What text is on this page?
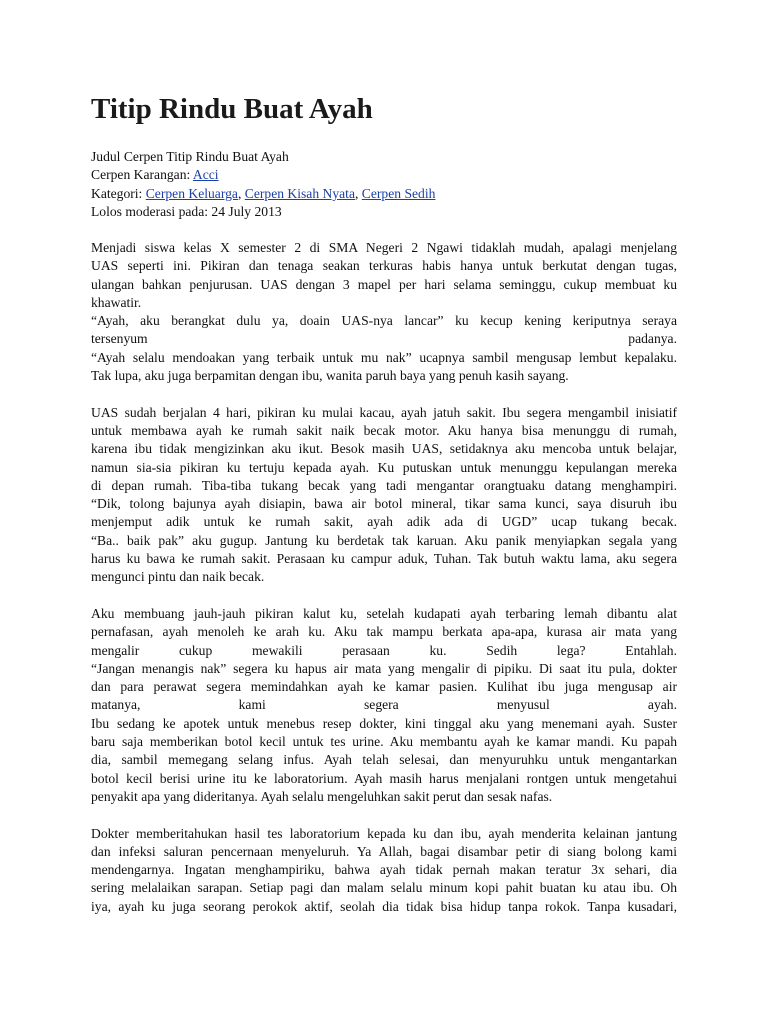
Titip Rindu Buat Ayah
Judul Cerpen Titip Rindu Buat Ayah
Cerpen Karangan: Acci
Kategori: Cerpen Keluarga, Cerpen Kisah Nyata, Cerpen Sedih
Lolos moderasi pada: 24 July 2013

Menjadi siswa kelas X semester 2 di SMA Negeri 2 Ngawi tidaklah mudah, apalagi menjelang
UAS seperti ini. Pikiran dan tenaga seakan terkuras habis hanya untuk berkutat dengan tugas,
ulangan bahkan penjurusan. UAS dengan 3 mapel per hari selama seminggu, cukup membuat ku
khawatir.
“Ayah, aku berangkat dulu ya, doain UAS-nya lancar” ku kecup kening keriputnya seraya
tersenyum padanya.
“Ayah selalu mendoakan yang terbaik untuk mu nak” ucapnya sambil mengusap lembut kepalaku.
Tak lupa, aku juga berpamitan dengan ibu, wanita paruh baya yang penuh kasih sayang.

UAS sudah berjalan 4 hari, pikiran ku mulai kacau, ayah jatuh sakit. Ibu segera mengambil inisiatif
untuk membawa ayah ke rumah sakit naik becak motor. Aku hanya bisa menunggu di rumah,
karena ibu tidak mengizinkan aku ikut. Besok masih UAS, setidaknya aku mencoba untuk belajar,
namun sia-sia pikiran ku tertuju kepada ayah. Ku putuskan untuk menunggu kepulangan mereka
di depan rumah. Tiba-tiba tukang becak yang tadi mengantar orangtuaku datang menghampiri.
“Dik, tolong bajunya ayah disiapin, bawa air botol mineral, tikar sama kunci, saya disuruh ibu
menjemput adik untuk ke rumah sakit, ayah adik ada di UGD” ucap tukang becak.
“Ba.. baik pak” aku gugup. Jantung ku berdetak tak karuan. Aku panik menyiapkan segala yang
harus ku bawa ke rumah sakit. Perasaan ku campur aduk, Tuhan. Tak butuh waktu lama, aku segera
mengunci pintu dan naik becak.

Aku membuang jauh-jauh pikiran kalut ku, setelah kudapati ayah terbaring lemah dibantu alat
pernafasan, ayah menoleh ke arah ku. Aku tak mampu berkata apa-apa, kurasa air mata yang
mengalir cukup mewakili perasaan ku. Sedih lega? Entahlah.
“Jangan menangis nak” segera ku hapus air mata yang mengalir di pipiku. Di saat itu pula, dokter
dan para perawat segera memindahkan ayah ke kamar pasien. Kulihat ibu juga mengusap air
matanya, kami segera menyusul ayah.
Ibu sedang ke apotek untuk menebus resep dokter, kini tinggal aku yang menemani ayah. Suster
baru saja memberikan botol kecil untuk tes urine. Aku membantu ayah ke kamar mandi. Ku papah
dia, sambil memegang selang infus. Ayah telah selesai, dan menyuruhku untuk mengantarkan
botol kecil berisi urine itu ke laboratorium. Ayah masih harus menjalani rontgen untuk mengetahui
penyakit apa yang dideritanya. Ayah selalu mengeluhkan sakit perut dan sesak nafas.

Dokter memberitahukan hasil tes laboratorium kepada ku dan ibu, ayah menderita kelainan jantung
dan infeksi saluran pencernaan menyeluruh. Ya Allah, bagai disambar petir di siang bolong kami
mendengarnya. Ingatan menghampiriku, bahwa ayah tidak pernah makan teratur 3x sehari, dia
sering melalaikan sarapan. Setiap pagi dan malam selalu minum kopi pahit buatan ku atau ibu. Oh
iya, ayah ku juga seorang perokok aktif, seolah dia tidak bisa hidup tanpa rokok. Tanpa kusadari,
